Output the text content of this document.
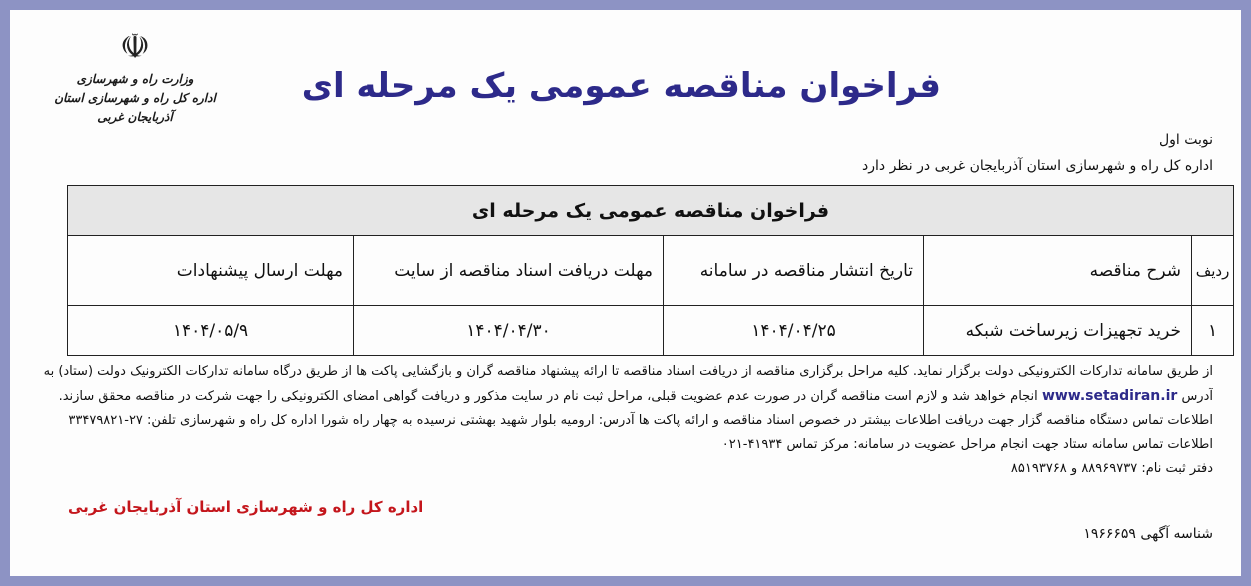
☫
وزارت راه و شهرسازی
اداره کل راه و شهرسازی استان
آذربایجان غربی
فراخوان مناقصه عمومی یک مرحله ای
نوبت اول
اداره کل راه و شهرسازی استان آذربایجان غربی در نظر دارد
فراخوان مناقصه عمومی یک مرحله ای				
ردیف	شرح مناقصه	تاریخ انتشار مناقصه در سامانه	مهلت دریافت اسناد مناقصه از سایت	مهلت ارسال پیشنهادات
۱	خرید تجهیزات زیرساخت شبکه	۱۴۰۴/۰۴/۲۵	۱۴۰۴/۰۴/۳۰	۱۴۰۴/۰۵/۹

از طریق سامانه تدارکات الکترونیکی دولت برگزار نماید. کلیه مراحل برگزاری مناقصه از دریافت اسناد مناقصه تا ارائه پیشنهاد مناقصه گران و بازگشایی پاکت ها از طریق درگاه سامانه تدارکات الکترونیک دولت (ستاد) به

آدرس www.setadiran.ir انجام خواهد شد و لازم است مناقصه گران در صورت عدم عضویت قبلی، مراحل ثبت نام در سایت مذکور و دریافت گواهی امضای الکترونیکی را جهت شرکت در مناقصه محقق سازند.

اطلاعات تماس دستگاه مناقصه گزار جهت دریافت اطلاعات بیشتر در خصوص اسناد مناقصه و ارائه پاکت ها آدرس: ارومیه بلوار شهید بهشتی نرسیده به چهار راه شورا اداره کل راه و شهرسازی تلفن: ۲۷-۳۳۴۷۹۸۲۱

اطلاعات تماس سامانه ستاد جهت انجام مراحل عضویت در سامانه: مرکز تماس ۴۱۹۳۴-۰۲۱

دفتر ثبت نام: ۸۸۹۶۹۷۳۷ و ۸۵۱۹۳۷۶۸

اداره کل راه و شهرسازی استان آذربایجان غربی
شناسه آگهی ۱۹۶۶۶۵۹
